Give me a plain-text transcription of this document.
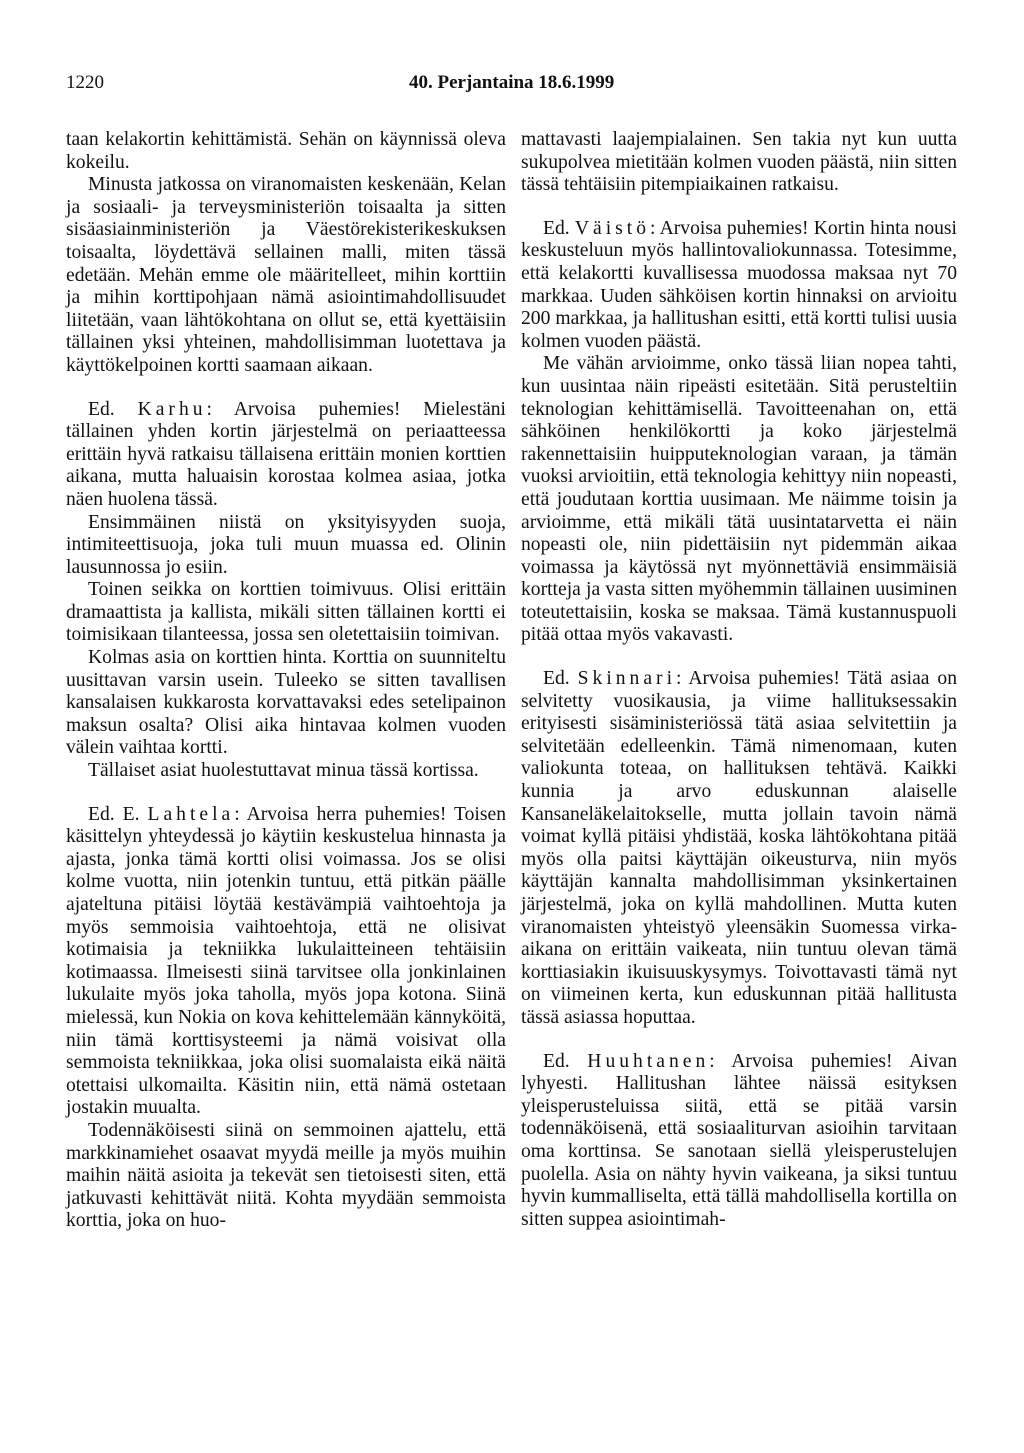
1220	40. Perjantaina 18.6.1999

taan kelakortin kehittämistä. Sehän on käynnissä oleva kokeilu.

Minusta jatkossa on viranomaisten keskenään, Kelan ja sosiaali- ja terveysministeriön toisaalta ja sitten sisäasiainministeriön ja Väestörekisterikeskuksen toisaalta, löydettävä sellainen malli, miten tässä edetään. Mehän emme ole määritelleet, mihin korttiin ja mihin korttipohjaan nämä asiointimahdollisuudet liitetään, vaan lähtökohtana on ollut se, että kyettäisiin tällainen yksi yhteinen, mahdollisimman luotettava ja käyttökelpoinen kortti saamaan aikaan.

Ed. Karhu: Arvoisa puhemies! Mielestäni tällainen yhden kortin järjestelmä on periaatteessa erittäin hyvä ratkaisu tällaisena erittäin monien korttien aikana, mutta haluaisin korostaa kolmea asiaa, jotka näen huolena tässä.

Ensimmäinen niistä on yksityisyyden suoja, intimiteettisuoja, joka tuli muun muassa ed. Olinin lausunnossa jo esiin.

Toinen seikka on korttien toimivuus. Olisi erittäin dramaattista ja kallista, mikäli sitten tällainen kortti ei toimisikaan tilanteessa, jossa sen oletettaisiin toimivan.

Kolmas asia on korttien hinta. Korttia on suunniteltu uusittavan varsin usein. Tuleeko se sitten tavallisen kansalaisen kukkarosta korvattavaksi edes setelipainon maksun osalta? Olisi aika hintavaa kolmen vuoden välein vaihtaa kortti.

Tällaiset asiat huolestuttavat minua tässä kortissa.

Ed. E. Lahtela: Arvoisa herra puhemies! Toisen käsittelyn yhteydessä jo käytiin keskustelua hinnasta ja ajasta, jonka tämä kortti olisi voimassa. Jos se olisi kolme vuotta, niin jotenkin tuntuu, että pitkän päälle ajateltuna pitäisi löytää kestävämpiä vaihtoehtoja ja myös semmoisia vaihtoehtoja, että ne olisivat kotimaisia ja tekniikka lukulaitteineen tehtäisiin kotimaassa. Ilmeisesti siinä tarvitsee olla jonkinlainen lukulaite myös joka taholla, myös jopa kotona. Siinä mielessä, kun Nokia on kova kehittelemään kännyköitä, niin tämä korttisysteemi ja nämä voisivat olla semmoista tekniikkaa, joka olisi suomalaista eikä näitä otettaisi ulkomailta. Käsitin niin, että nämä ostetaan jostakin muualta.

Todennäköisesti siinä on semmoinen ajattelu, että markkinamiehet osaavat myydä meille ja myös muihin maihin näitä asioita ja tekevät sen tietoisesti siten, että jatkuvasti kehittävät niitä. Kohta myydään semmoista korttia, joka on huo-

mattavasti laajempialainen. Sen takia nyt kun uutta sukupolvea mietitään kolmen vuoden päästä, niin sitten tässä tehtäisiin pitempiaikainen ratkaisu.

Ed. Väistö: Arvoisa puhemies! Kortin hinta nousi keskusteluun myös hallintovaliokunnassa. Totesimme, että kelakortti kuvallisessa muodossa maksaa nyt 70 markkaa. Uuden sähköisen kortin hinnaksi on arvioitu 200 markkaa, ja hallitushan esitti, että kortti tulisi uusia kolmen vuoden päästä.

Me vähän arvioimme, onko tässä liian nopea tahti, kun uusintaa näin ripeästi esitetään. Sitä perusteltiin teknologian kehittämisellä. Tavoitteenahan on, että sähköinen henkilökortti ja koko järjestelmä rakennettaisiin huipputeknologian varaan, ja tämän vuoksi arvioitiin, että teknologia kehittyy niin nopeasti, että joudutaan korttia uusimaan. Me näimme toisin ja arvioimme, että mikäli tätä uusintatarvetta ei näin nopeasti ole, niin pidettäisiin nyt pidemmän aikaa voimassa ja käytössä nyt myönnettäviä ensimmäisiä kortteja ja vasta sitten myöhemmin tällainen uusiminen toteutettaisiin, koska se maksaa. Tämä kustannuspuoli pitää ottaa myös vakavasti.

Ed. Skinnari: Arvoisa puhemies! Tätä asiaa on selvitetty vuosikausia, ja viime hallituksessakin erityisesti sisäministeriössä tätä asiaa selvitettiin ja selvitetään edelleenkin. Tämä nimenomaan, kuten valiokunta toteaa, on hallituksen tehtävä. Kaikki kunnia ja arvo eduskunnan alaiselle Kansaneläkelaitokselle, mutta jollain tavoin nämä voimat kyllä pitäisi yhdistää, koska lähtökohtana pitää myös olla paitsi käyttäjän oikeusturva, niin myös käyttäjän kannalta mahdollisimman yksinkertainen järjestelmä, joka on kyllä mahdollinen. Mutta kuten viranomaisten yhteistyö yleensäkin Suomessa virka-aikana on erittäin vaikeata, niin tuntuu olevan tämä korttiasiakin ikuisuuskysymys. Toivottavasti tämä nyt on viimeinen kerta, kun eduskunnan pitää hallitusta tässä asiassa hoputtaa.

Ed. Huuhtanen: Arvoisa puhemies! Aivan lyhyesti. Hallitushan lähtee näissä esityksen yleisperusteluissa siitä, että se pitää varsin todennäköisenä, että sosiaaliturvan asioihin tarvitaan oma korttinsa. Se sanotaan siellä yleisperustelujen puolella. Asia on nähty hyvin vaikeana, ja siksi tuntuu hyvin kummalliselta, että tällä mahdollisella kortilla on sitten suppea asiointimah-
